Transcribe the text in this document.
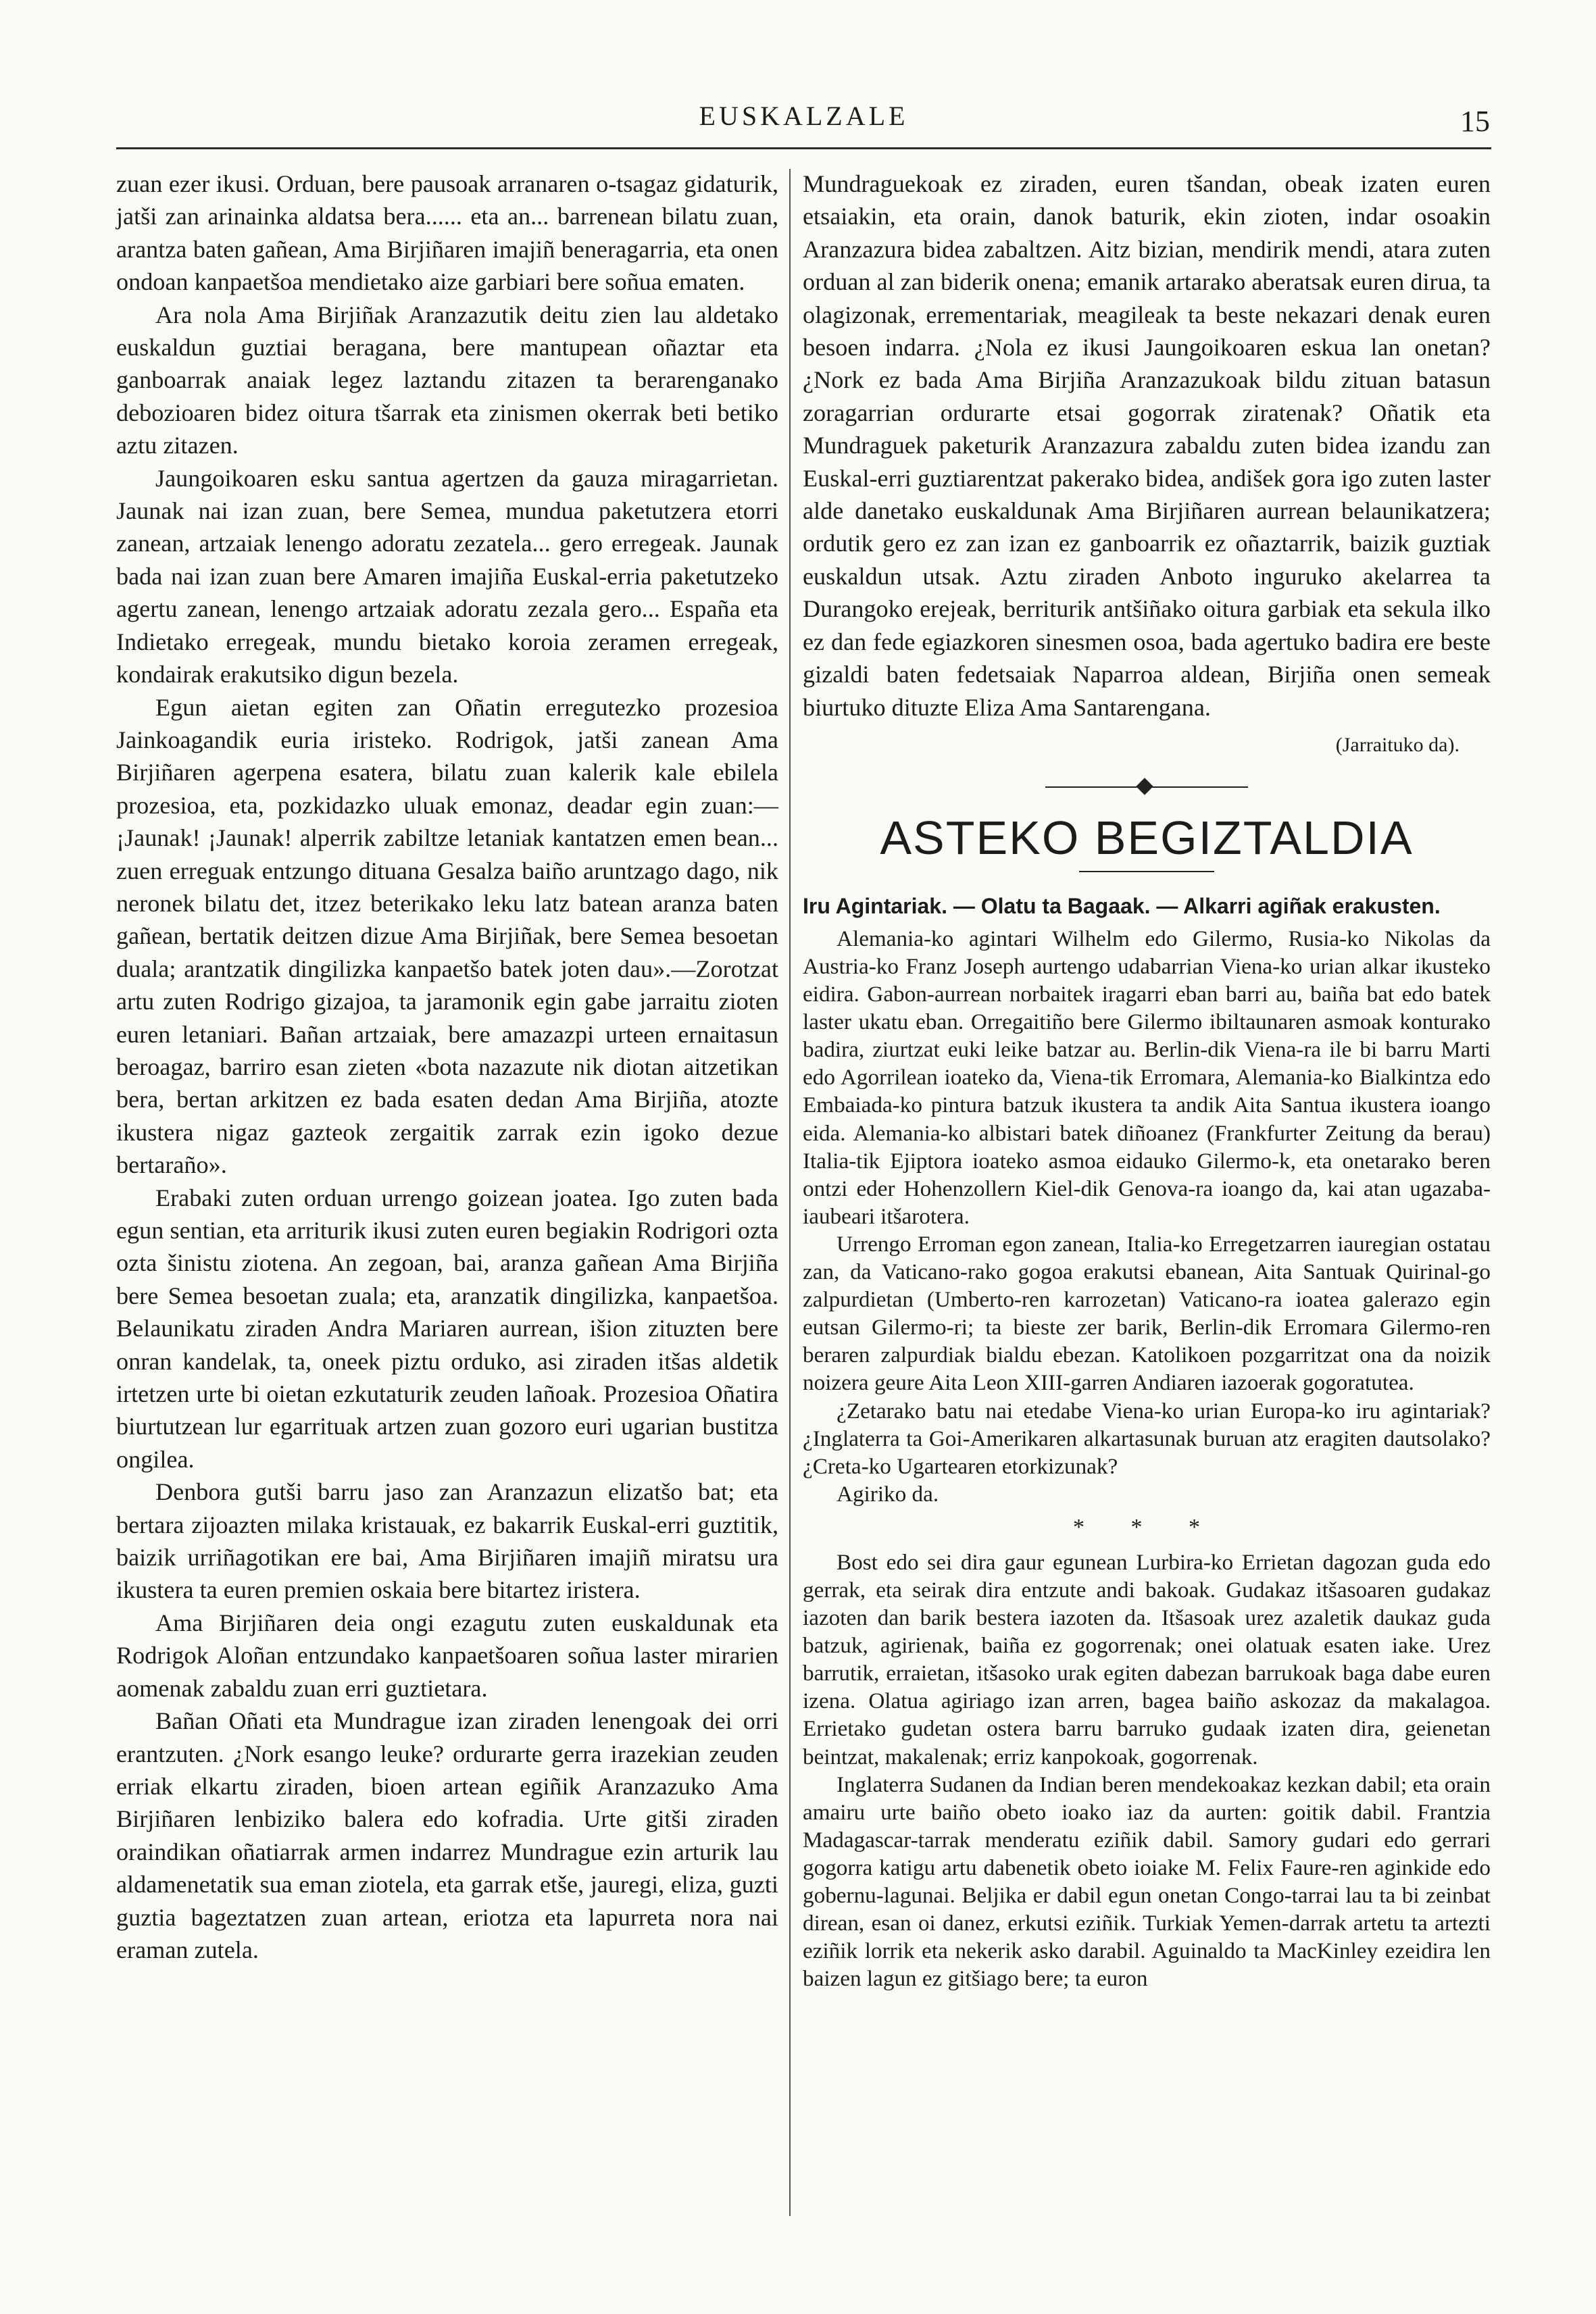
EUSKALZALE	15

zuan ezer ikusi. Orduan, bere pausoak arranaren o-tsagaz gidaturik, jatši zan arinainka aldatsa bera...... eta an... barrenean bilatu zuan, arantza baten gañean, Ama Birjiñaren imajiñ beneragarria, eta onen ondoan kanpaetšoa mendietako aize garbiari bere soñua ematen.

Ara nola Ama Birjiñak Aranzazutik deitu zien lau aldetako euskaldun guztiai beragana, bere mantupean oñaztar eta ganboarrak anaiak legez laztandu zitazen ta berarenganako debozioaren bidez oitura tšarrak eta zinismen okerrak beti betiko aztu zitazen.

Jaungoikoaren esku santua agertzen da gauza miragarrietan. Jaunak nai izan zuan, bere Semea, mundua paketutzera etorri zanean, artzaiak lenengo adoratu zezatela... gero erregeak. Jaunak bada nai izan zuan bere Amaren imajiña Euskal-erria paketutzeko agertu zanean, lenengo artzaiak adoratu zezala gero... España eta Indietako erregeak, mundu bietako koroia zeramen erregeak, kondairak erakutsiko digun bezela.

Egun aietan egiten zan Oñatin erregutezko prozesioa Jainkoagandik euria iristeko. Rodrigok, jatši zanean Ama Birjiñaren agerpena esatera, bilatu zuan kalerik kale ebilela prozesioa, eta, pozkidazko uluak emonaz, deadar egin zuan:—¡Jaunak! ¡Jaunak! alperrik zabiltze letaniak kantatzen emen bean... zuen erreguak entzungo dituana Gesalza baiño aruntzago dago, nik neronek bilatu det, itzez beterikako leku latz batean aranza baten gañean, bertatik deitzen dizue Ama Birjiñak, bere Semea besoetan duala; arantzatik dingilizka kanpaetšo batek joten dau».—Zorotzat artu zuten Rodrigo gizajoa, ta jaramonik egin gabe jarraitu zioten euren letaniari. Bañan artzaiak, bere amazazpi urteen ernaitasun beroagaz, barriro esan zieten «bota nazazute nik diotan aitzetikan bera, bertan arkitzen ez bada esaten dedan Ama Birjiña, atozte ikustera nigaz gazteok zergaitik zarrak ezin igoko dezue bertaraño».

Erabaki zuten orduan urrengo goizean joatea. Igo zuten bada egun sentian, eta arriturik ikusi zuten euren begiakin Rodrigori ozta ozta šinistu ziotena. An zegoan, bai, aranza gañean Ama Birjiña bere Semea besoetan zuala; eta, aranzatik dingilizka, kanpaetšoa. Belaunikatu ziraden Andra Mariaren aurrean, išion zituzten bere onran kandelak, ta, oneek piztu orduko, asi ziraden itšas aldetik irtetzen urte bi oietan ezkutaturik zeuden lañoak. Prozesioa Oñatira biurtutzean lur egarrituak artzen zuan gozoro euri ugarian bustitza ongilea.

Denbora gutši barru jaso zan Aranzazun elizatšo bat; eta bertara zijoazten milaka kristauak, ez bakarrik Euskal-erri guztitik, baizik urriñagotikan ere bai, Ama Birjiñaren imajiñ miratsu ura ikustera ta euren premien oskaia bere bitartez iristera.

Ama Birjiñaren deia ongi ezagutu zuten euskaldunak eta Rodrigok Aloñan entzundako kanpaetšoaren soñua laster mirarien aomenak zabaldu zuan erri guztietara.

Bañan Oñati eta Mundrague izan ziraden lenengoak dei orri erantzuten. ¿Nork esango leuke? ordurarte gerra irazekian zeuden erriak elkartu ziraden, bioen artean egiñik Aranzazuko Ama Birjiñaren lenbiziko balera edo kofradia. Urte gitši ziraden oraindikan oñatiarrak armen indarrez Mundrague ezin arturik lau aldamenetatik sua eman ziotela, eta garrak etše, jauregi, eliza, guzti guztia bageztatzen zuan artean, eriotza eta lapurreta nora nai eraman zutela.

Mundraguekoak ez ziraden, euren tšandan, obeak izaten euren etsaiakin, eta orain, danok baturik, ekin zioten, indar osoakin Aranzazura bidea zabaltzen. Aitz bizian, mendirik mendi, atara zuten orduan al zan biderik onena; emanik artarako aberatsak euren dirua, ta olagizonak, errementariak, meagileak ta beste nekazari denak euren besoen indarra. ¿Nola ez ikusi Jaungoikoaren eskua lan onetan? ¿Nork ez bada Ama Birjiña Aranzazukoak bildu zituan batasun zoragarrian ordurarte etsai gogorrak ziratenak? Oñatik eta Mundraguek paketurik Aranzazura zabaldu zuten bidea izandu zan Euskal-erri guztiarentzat pakerako bidea, andišek gora igo zuten laster alde danetako euskaldunak Ama Birjiñaren aurrean belaunikatzera; ordutik gero ez zan izan ez ganboarrik ez oñaztarrik, baizik guztiak euskaldun utsak. Aztu ziraden Anboto inguruko akelarrea ta Durangoko erejeak, berriturik antšiñako oitura garbiak eta sekula ilko ez dan fede egiazkoren sinesmen osoa, bada agertuko badira ere beste gizaldi baten fedetsaiak Naparroa aldean, Birjiña onen semeak biurtuko dituzte Eliza Ama Santarengana.

(Jarraituko da).
ASTEKO BEGIZTALDIA
Iru Agintariak. — Olatu ta Bagaak. — Alkarri agiñak erakusten.

Alemania-ko agintari Wilhelm edo Gilermo, Rusia-ko Nikolas da Austria-ko Franz Joseph aurtengo udabarrian Viena-ko urian alkar ikusteko eidira. Gabon-aurrean norbaitek iragarri eban barri au, baiña bat edo batek laster ukatu eban. Orregaitiño bere Gilermo ibiltaunaren asmoak konturako badira, ziurtzat euki leike batzar au. Berlin-dik Viena-ra ile bi barru Marti edo Agorrilean ioateko da, Viena-tik Erromara, Alemania-ko Bialkintza edo Embaiada-ko pintura batzuk ikustera ta andik Aita Santua ikustera ioango eida. Alemania-ko albistari batek diñoanez (Frankfurter Zeitung da berau) Italia-tik Ejiptora ioateko asmoa eidauko Gilermo-k, eta onetarako beren ontzi eder Hohenzollern Kiel-dik Genova-ra ioango da, kai atan ugazaba-iaubeari itšarotera.

Urrengo Erroman egon zanean, Italia-ko Erregetzarren iauregian ostatau zan, da Vaticano-rako gogoa erakutsi ebanean, Aita Santuak Quirinal-go zalpurdietan (Umberto-ren karrozetan) Vaticano-ra ioatea galerazo egin eutsan Gilermo-ri; ta bieste zer barik, Berlin-dik Erromara Gilermo-ren beraren zalpurdiak bialdu ebezan. Katolikoen pozgarritzat ona da noizik noizera geure Aita Leon XIII-garren Andiaren iazoerak gogoratutea.

¿Zetarako batu nai etedabe Viena-ko urian Europa-ko iru agintariak? ¿Inglaterra ta Goi-Amerikaren alkartasunak buruan atz eragiten dautsolako? ¿Creta-ko Ugartearen etorkizunak?

Agiriko da.

* * *

Bost edo sei dira gaur egunean Lurbira-ko Errietan dagozan guda edo gerrak, eta seirak dira entzute andi bakoak. Gudakaz itšasoaren gudakaz iazoten dan barik bestera iazoten da. Itšasoak urez azaletik daukaz guda batzuk, agirienak, baiña ez gogorrenak; onei olatuak esaten iake. Urez barrutik, erraietan, itšasoko urak egiten dabezan barrukoak baga dabe euren izena. Olatua agiriago izan arren, bagea baiño askozaz da makalagoa. Errietako gudetan ostera barru barruko gudaak izaten dira, geienetan beintzat, makalenak; erriz kanpokoak, gogorrenak.

Inglaterra Sudanen da Indian beren mendekoakaz kezkan dabil; eta orain amairu urte baiño obeto ioako iaz da aurten: goitik dabil. Frantzia Madagascar-tarrak menderatu eziñik dabil. Samory gudari edo gerrari gogorra katigu artu dabenetik obeto ioiake M. Felix Faure-ren aginkide edo gobernu-lagunai. Beljika er dabil egun onetan Congo-tarrai lau ta bi zeinbat direan, esan oi danez, erkutsi eziñik. Turkiak Yemen-darrak artetu ta artezti eziñik lorrik eta nekerik asko darabil. Aguinaldo ta MacKinley ezeidira len baizen lagun ez gitšiago bere; ta euron
